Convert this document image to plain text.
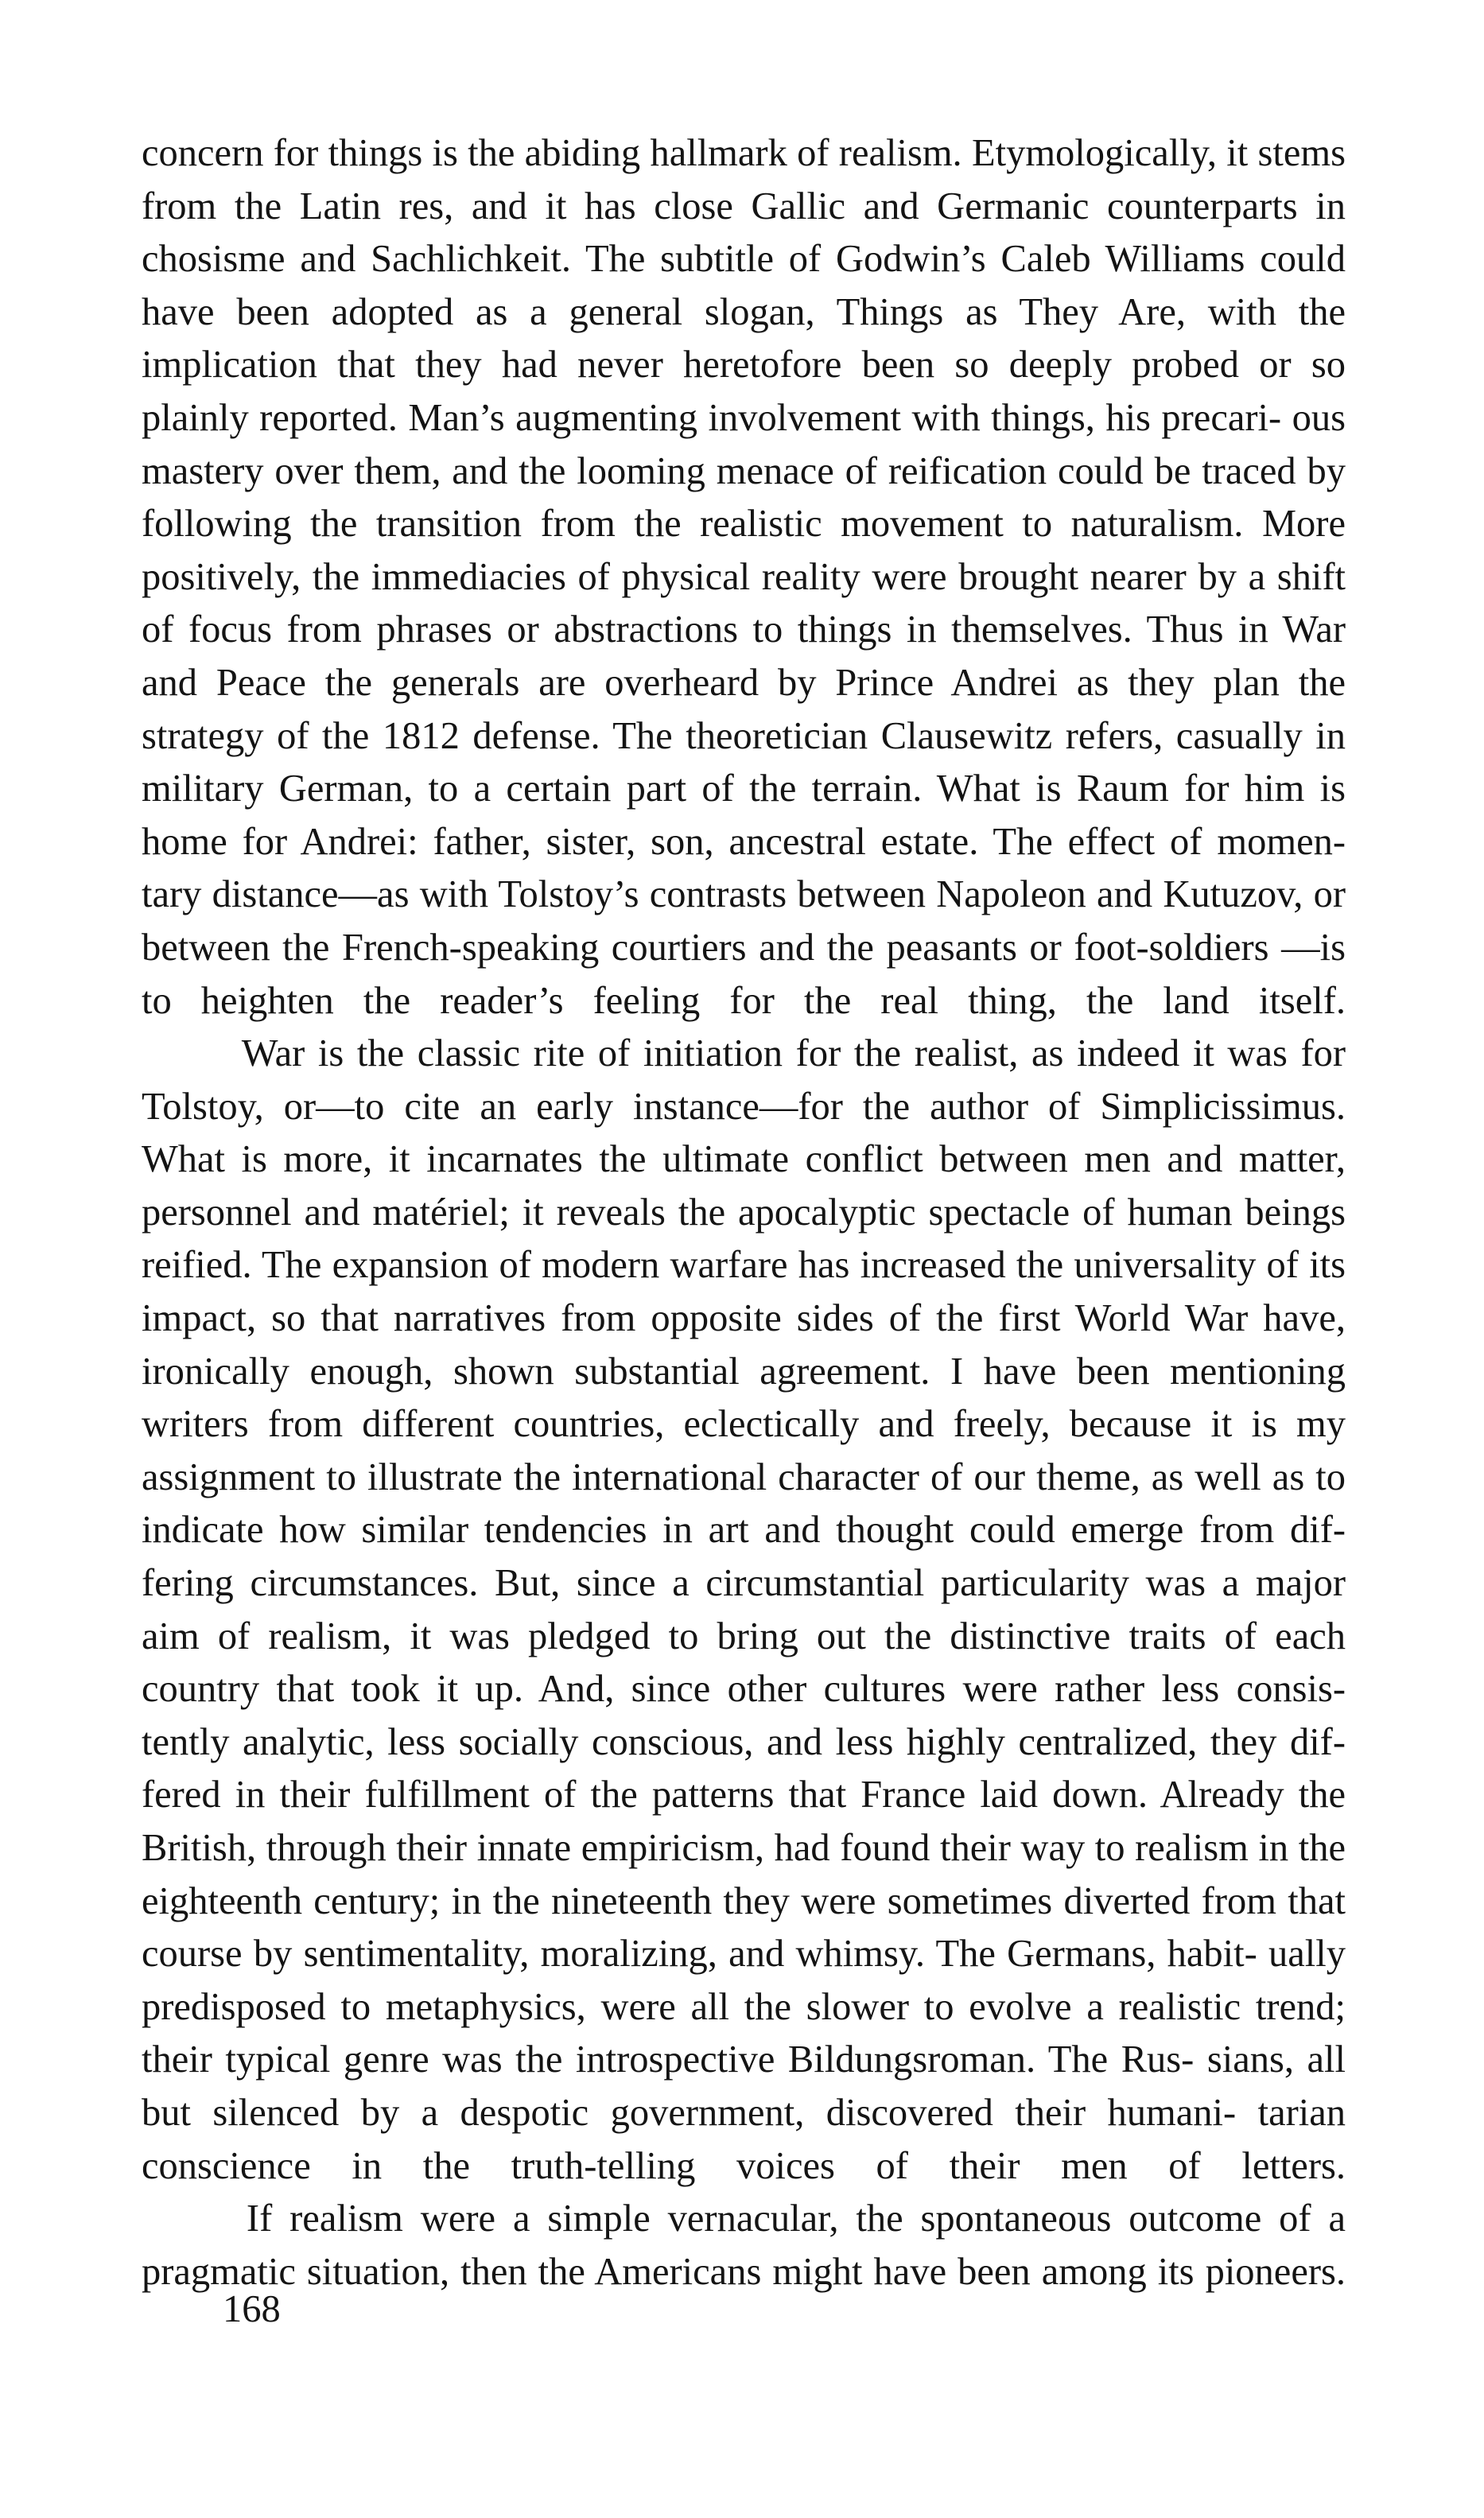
concern for things is the abiding hallmark of realism. Etymologically, it stems from the Latin res, and it has close Gallic and Germanic counterparts in chosisme and Sachlichkeit. The subtitle of Godwin’s Caleb Williams could have been adopted as a general slogan, Things as They Are, with the implication that they had never heretofore been so deeply probed or so plainly reported. Man’s augmenting involvement with things, his precari- ous mastery over them, and the looming menace of reification could be traced by following the transition from the realistic movement to naturalism. More positively, the immediacies of physical reality were brought nearer by a shift of focus from phrases or abstractions to things in themselves. Thus in War and Peace the generals are overheard by Prince Andrei as they plan the strategy of the 1812 defense. The theoretician Clausewitz refers, casually in military German, to a certain part of the terrain. What is Raum for him is home for Andrei: father, sister, son, ancestral estate. The effect of momen- tary distance—as with Tolstoy’s contrasts between Napoleon and Kutuzov, or between the French-speaking courtiers and the peasants or foot-soldiers —is to heighten the reader’s feeling for the real thing, the land itself.

War is the classic rite of initiation for the realist, as indeed it was for Tolstoy, or—to cite an early instance—for the author of Simplicissimus. What is more, it incarnates the ultimate conflict between men and matter, personnel and matériel; it reveals the apocalyptic spectacle of human beings reified. The expansion of modern warfare has increased the universality of its impact, so that narratives from opposite sides of the first World War have, ironically enough, shown substantial agreement. I have been mentioning writers from different countries, eclectically and freely, because it is my assignment to illustrate the international character of our theme, as well as to indicate how similar tendencies in art and thought could emerge from dif- fering circumstances. But, since a circumstantial particularity was a major aim of realism, it was pledged to bring out the distinctive traits of each country that took it up. And, since other cultures were rather less consis- tently analytic, less socially conscious, and less highly centralized, they dif- fered in their fulfillment of the patterns that France laid down. Already the British, through their innate empiricism, had found their way to realism in the eighteenth century; in the nineteenth they were sometimes diverted from that course by sentimentality, moralizing, and whimsy. The Germans, habit- ually predisposed to metaphysics, were all the slower to evolve a realistic trend; their typical genre was the introspective Bildungsroman. The Rus- sians, all but silenced by a despotic government, discovered their humani- tarian conscience in the truth-telling voices of their men of letters.

If realism were a simple vernacular, the spontaneous outcome of a pragmatic situation, then the Americans might have been among its pioneers.

168
